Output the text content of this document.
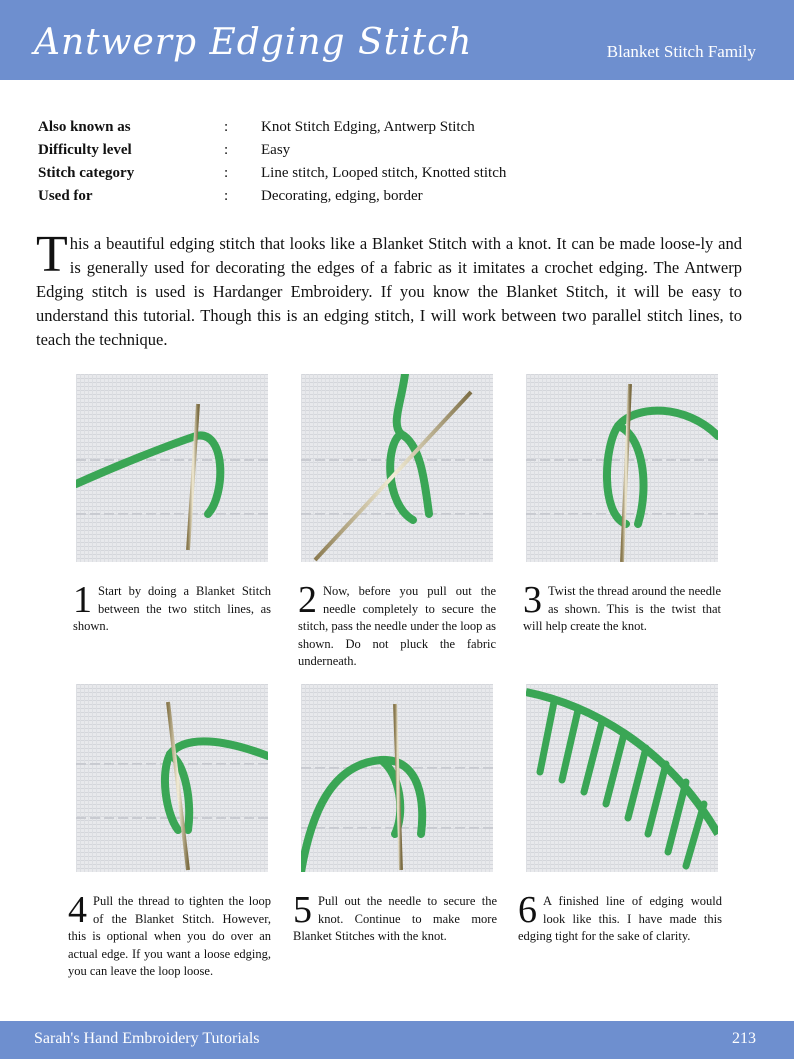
Antwerp Edging Stitch	Blanket Stitch Family
Also known as	: Knot Stitch Edging, Antwerp Stitch
Difficulty level	: Easy
Stitch category	: Line stitch, Looped stitch, Knotted stitch
Used for	: Decorating, edging, border
This a beautiful edging stitch that looks like a Blanket Stitch with a knot. It can be made loose-ly and is generally used for decorating the edges of a fabric as it imitates a crochet edging. The Antwerp Edging stitch is used is Hardanger Embroidery. If you know the Blanket Stitch, it will be easy to understand this tutorial. Though this is an edging stitch, I will work between two parallel stitch lines, to teach the technique.
1 Start by doing a Blanket Stitch between the two stitch lines, as shown.
2 Now, before you pull out the needle completely to secure the stitch, pass the needle under the loop as shown. Do not pluck the fabric underneath.
3 Twist the thread around the needle as shown. This is the twist that will help create the knot.
4 Pull the thread to tighten the loop of the Blanket Stitch. However, this is optional when you do over an actual edge. If you want a loose edging, you can leave the loop loose.
5 Pull out the needle to secure the knot. Continue to make more Blanket Stitches with the knot.
6 A finished line of edging would look like this. I have made this edging tight for the sake of clarity.
Sarah's Hand Embroidery Tutorials	213
